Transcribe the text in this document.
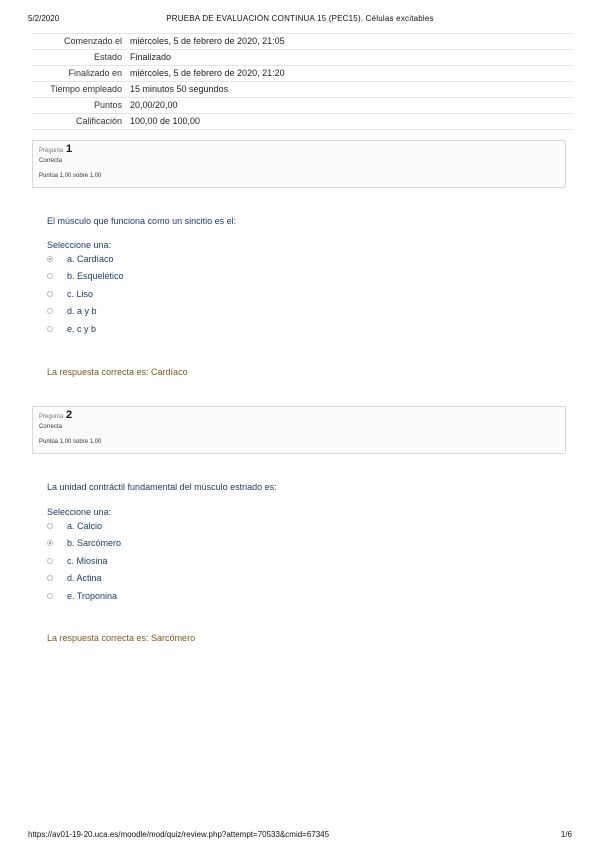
5/2/2020	PRUEBA DE EVALUACIÓN CONTINUA 15 (PEC15). Células excitables
Comenzado el	miércoles, 5 de febrero de 2020, 21:05
Estado	Finalizado
Finalizado en	miércoles, 5 de febrero de 2020, 21:20
Tiempo empleado	15 minutos 50 segundos
Puntos	20,00/20,00
Calificación	100,00 de 100,00
Pregunta 1
Correcta
Puntúa 1,00 sobre 1,00
El músculo que funciona como un sincitio es el:
Seleccione una:
a. Cardíaco
b. Esquelético
c. Liso
d. a y b
e. c y b
La respuesta correcta es: Cardíaco
Pregunta 2
Correcta
Puntúa 1,00 sobre 1,00
La unidad contráctil fundamental del músculo estriado es:
Seleccione una:
a. Calcio
b. Sarcómero
c. Miosina
d. Actina
e. Troponina
La respuesta correcta es: Sarcómero
https://av01-19-20.uca.es/moodle/mod/quiz/review.php?attempt=70533&cmid=67345	1/6
